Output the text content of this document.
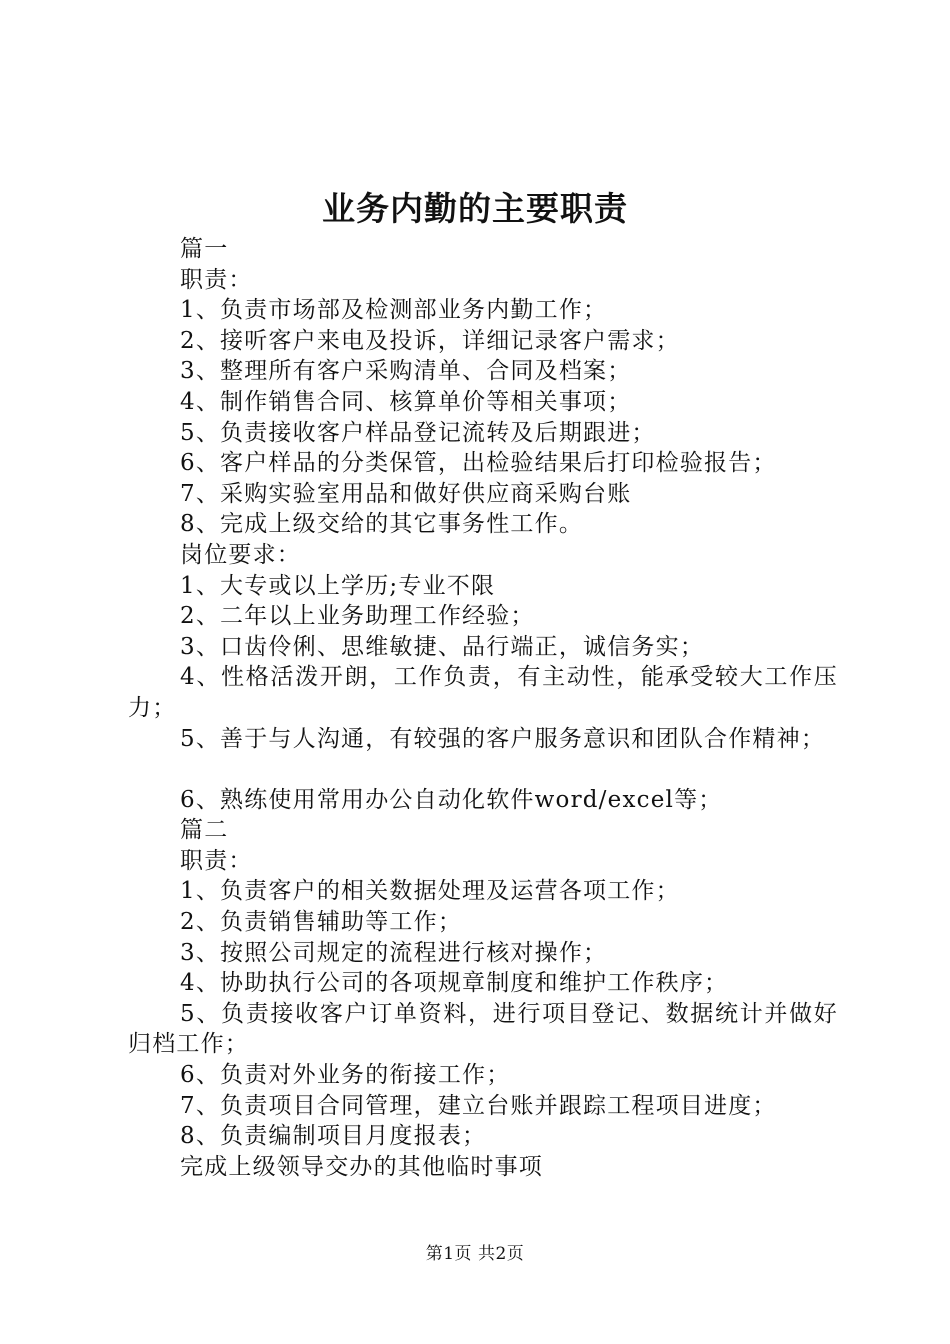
业务内勤的主要职责

篇一

职责：

1、负责市场部及检测部业务内勤工作；

2、接听客户来电及投诉，详细记录客户需求；

3、整理所有客户采购清单、合同及档案；

4、制作销售合同、核算单价等相关事项；

5、负责接收客户样品登记流转及后期跟进；

6、客户样品的分类保管，出检验结果后打印检验报告；

7、采购实验室用品和做好供应商采购台账

8、完成上级交给的其它事务性工作。

岗位要求：

1、大专或以上学历;专业不限

2、二年以上业务助理工作经验；

3、口齿伶俐、思维敏捷、品行端正，诚信务实；

4、性格活泼开朗，工作负责，有主动性，能承受较大工作压力；

5、善于与人沟通，有较强的客户服务意识和团队合作精神；

6、熟练使用常用办公自动化软件word/excel等；

篇二

职责：

1、负责客户的相关数据处理及运营各项工作；

2、负责销售辅助等工作；

3、按照公司规定的流程进行核对操作；

4、协助执行公司的各项规章制度和维护工作秩序；

5、负责接收客户订单资料，进行项目登记、数据统计并做好归档工作；

6、负责对外业务的衔接工作；

7、负责项目合同管理，建立台账并跟踪工程项目进度；

8、负责编制项目月度报表；

完成上级领导交办的其他临时事项

第1页 共2页
